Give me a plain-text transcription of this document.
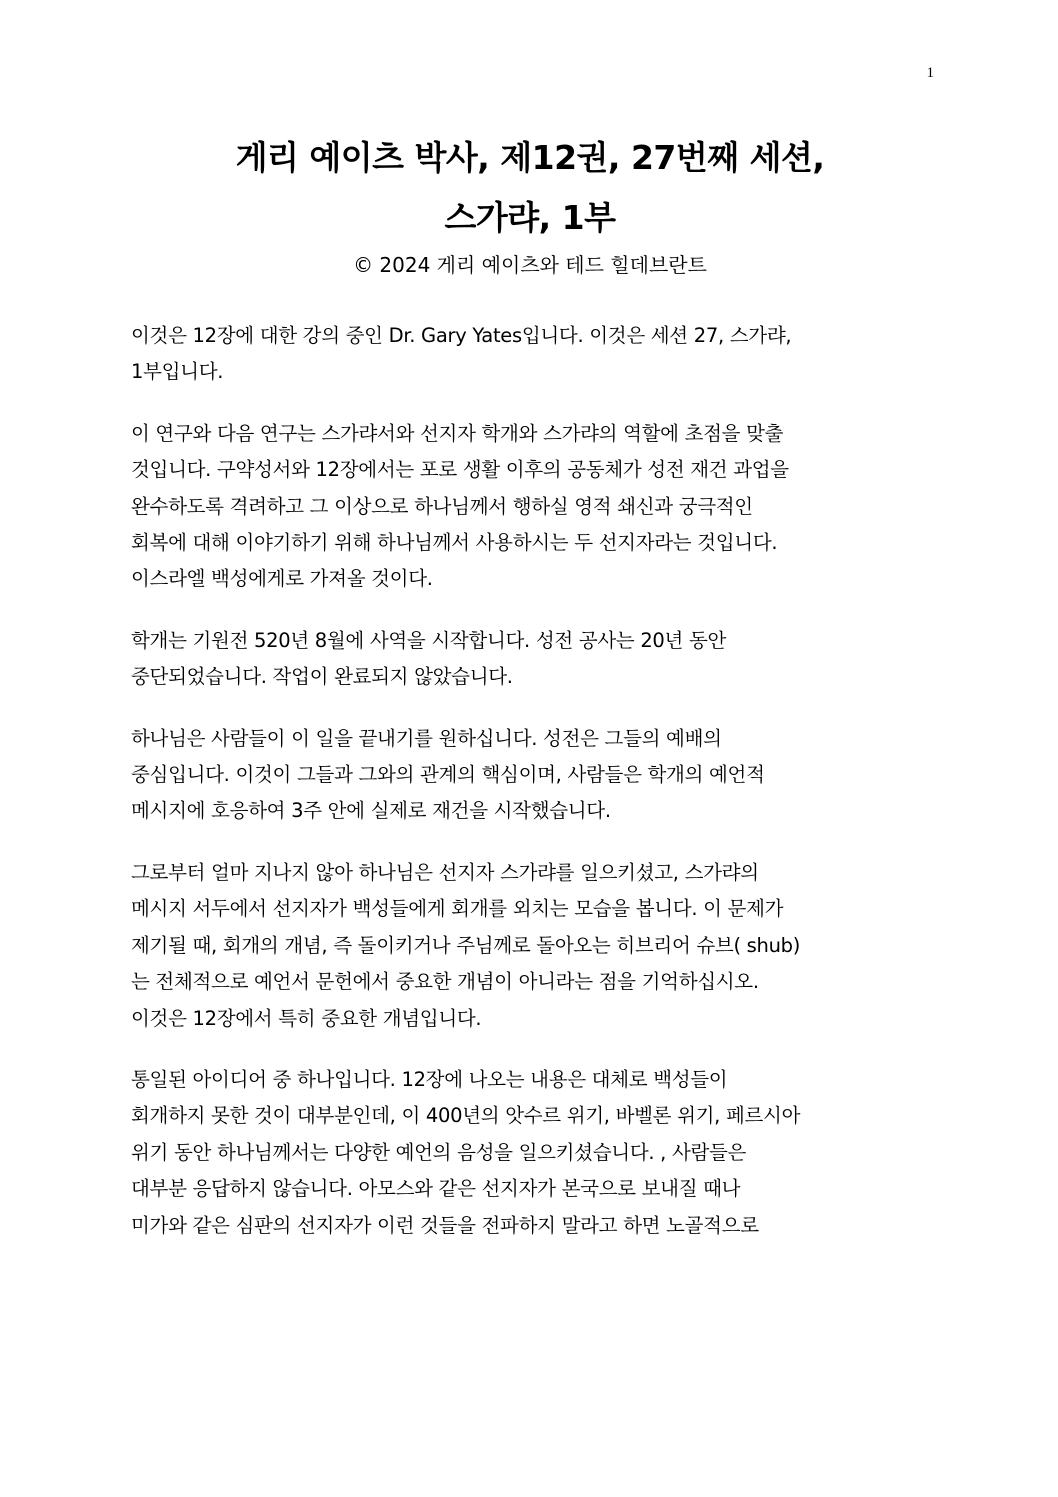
1
게리 예이츠 박사, 제12권, 27번째 세션,
스가랴, 1부
© 2024 게리 예이츠와 테드 힐데브란트
이것은 12장에 대한 강의 중인 Dr. Gary Yates입니다. 이것은 세션 27, 스가랴,
1부입니다.
이 연구와 다음 연구는 스가랴서와 선지자 학개와 스가랴의 역할에 초점을 맞출
것입니다. 구약성서와 12장에서는 포로 생활 이후의 공동체가 성전 재건 과업을
완수하도록 격려하고 그 이상으로 하나님께서 행하실 영적 쇄신과 궁극적인
회복에 대해 이야기하기 위해 하나님께서 사용하시는 두 선지자라는 것입니다.
이스라엘 백성에게로 가져올 것이다.
학개는 기원전 520년 8월에 사역을 시작합니다. 성전 공사는 20년 동안
중단되었습니다. 작업이 완료되지 않았습니다.
하나님은 사람들이 이 일을 끝내기를 원하십니다. 성전은 그들의 예배의
중심입니다. 이것이 그들과 그와의 관계의 핵심이며, 사람들은 학개의 예언적
메시지에 호응하여 3주 안에 실제로 재건을 시작했습니다.
그로부터 얼마 지나지 않아 하나님은 선지자 스가랴를 일으키셨고, 스가랴의
메시지 서두에서 선지자가 백성들에게 회개를 외치는 모습을 봅니다. 이 문제가
제기될 때, 회개의 개념, 즉 돌이키거나 주님께로 돌아오는 히브리어 슈브( shub)
는 전체적으로 예언서 문헌에서 중요한 개념이 아니라는 점을 기억하십시오.
이것은 12장에서 특히 중요한 개념입니다.
통일된 아이디어 중 하나입니다. 12장에 나오는 내용은 대체로 백성들이
회개하지 못한 것이 대부분인데, 이 400년의 앗수르 위기, 바벨론 위기, 페르시아
위기 동안 하나님께서는 다양한 예언의 음성을 일으키셨습니다. , 사람들은
대부분 응답하지 않습니다. 아모스와 같은 선지자가 본국으로 보내질 때나
미가와 같은 심판의 선지자가 이런 것들을 전파하지 말라고 하면 노골적으로
